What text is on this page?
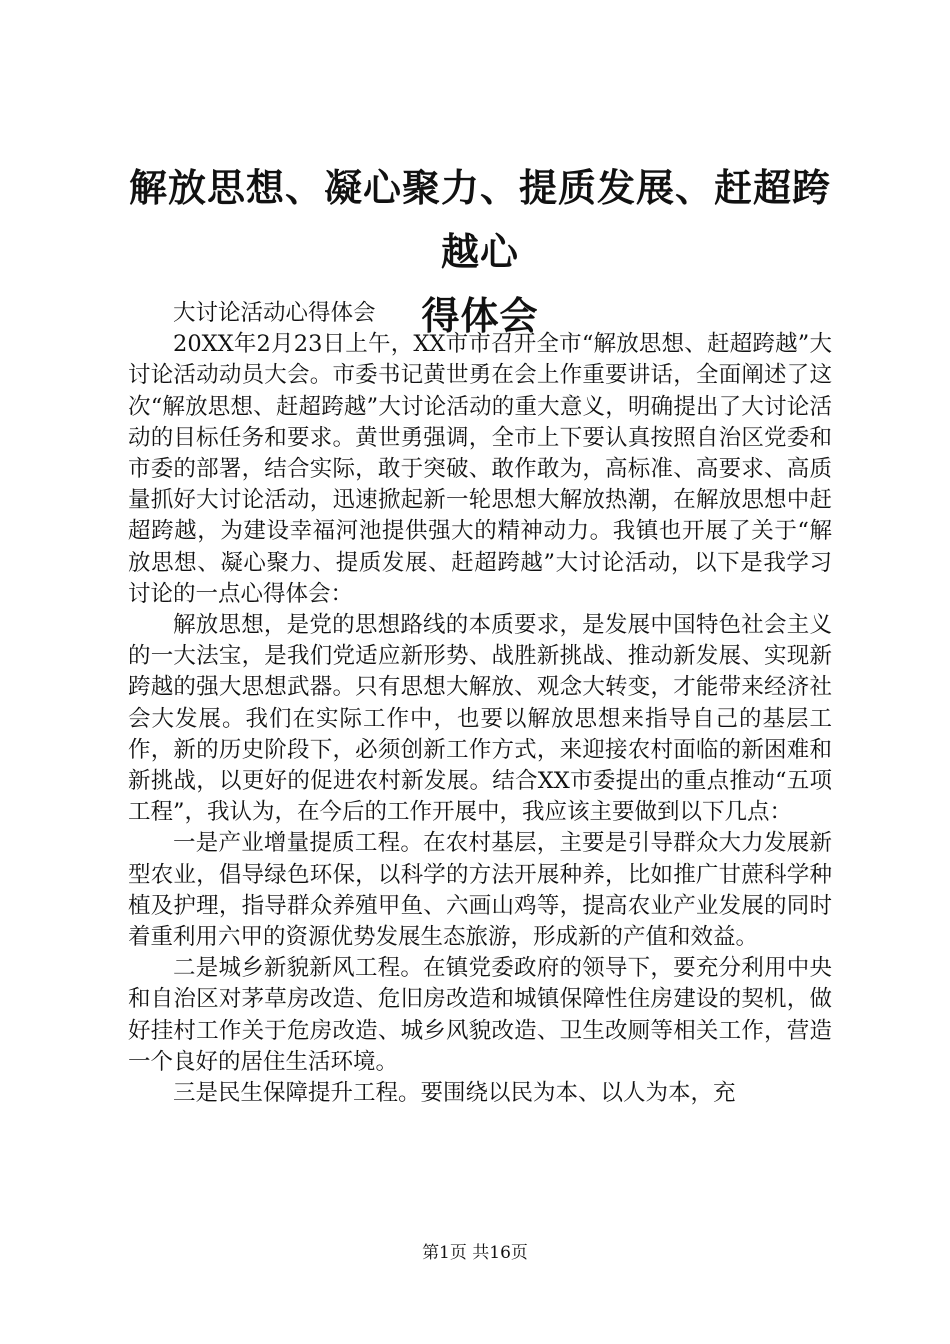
解放思想、凝心聚力、提质发展、赶超跨越心
得体会

大讨论活动心得体会

20XX年2月23日上午，XX市市召开全市“解放思想、赶超跨越”大讨论活动动员大会。市委书记黄世勇在会上作重要讲话，全面阐述了这次“解放思想、赶超跨越”大讨论活动的重大意义，明确提出了大讨论活动的目标任务和要求。黄世勇强调，全市上下要认真按照自治区党委和市委的部署，结合实际，敢于突破、敢作敢为，高标准、高要求、高质量抓好大讨论活动，迅速掀起新一轮思想大解放热潮，在解放思想中赶超跨越，为建设幸福河池提供强大的精神动力。我镇也开展了关于“解放思想、凝心聚力、提质发展、赶超跨越”大讨论活动，以下是我学习讨论的一点心得体会：

解放思想，是党的思想路线的本质要求，是发展中国特色社会主义的一大法宝，是我们党适应新形势、战胜新挑战、推动新发展、实现新跨越的强大思想武器。只有思想大解放、观念大转变，才能带来经济社会大发展。我们在实际工作中，也要以解放思想来指导自己的基层工作，新的历史阶段下，必须创新工作方式，来迎接农村面临的新困难和新挑战，以更好的促进农村新发展。结合XX市委提出的重点推动“五项工程”，我认为，在今后的工作开展中，我应该主要做到以下几点：

一是产业增量提质工程。在农村基层，主要是引导群众大力发展新型农业，倡导绿色环保，以科学的方法开展种养，比如推广甘蔗科学种植及护理，指导群众养殖甲鱼、六画山鸡等，提高农业产业发展的同时着重利用六甲的资源优势发展生态旅游，形成新的产值和效益。

二是城乡新貌新风工程。在镇党委政府的领导下，要充分利用中央和自治区对茅草房改造、危旧房改造和城镇保障性住房建设的契机，做好挂村工作关于危房改造、城乡风貌改造、卫生改厕等相关工作，营造一个良好的居住生活环境。

三是民生保障提升工程。要围绕以民为本、以人为本，充

第1页 共16页
